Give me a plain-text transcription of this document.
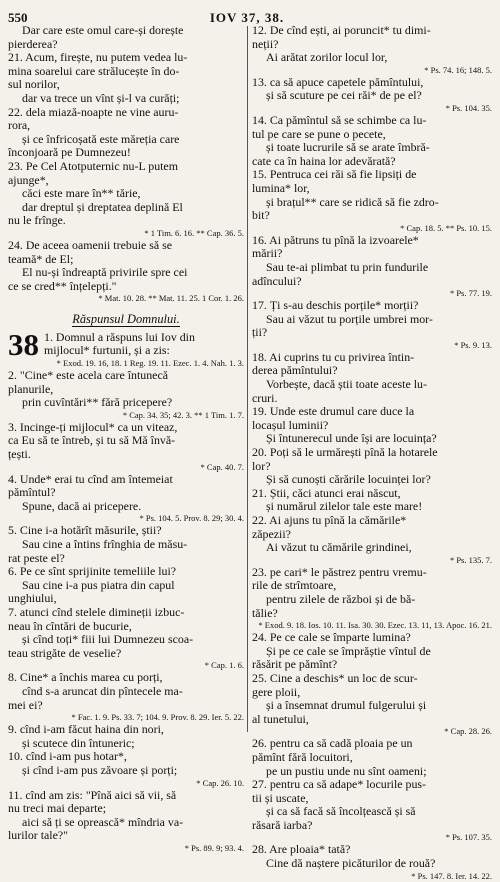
550	IOV 37, 38.
Dar care este omul care-și dorește
pierderea?
21. Acum, firește, nu putem vedea lu-
mina soarelui care strălucește în do-
sul norilor,
dar va trece un vînt și-l va curăți;
22. dela miază-noapte ne vine auru-
rora,
și ce înfricoșată este măreția care
înconjoară pe Dumnezeu!
23. Pe Cel Atotputernic nu-L putem
ajunge*,
căci este mare în** tărie,
dar dreptul și dreptatea deplină El
nu le frînge.
* 1 Tim. 6. 16. ** Cap. 36. 5.
24. De aceea oamenii trebuie să se
teamă* de El;
El nu-și îndreaptă privirile spre cei
ce se cred** înțelepți."
* Mat. 10. 28. ** Mat. 11. 25. 1 Cor. 1. 26.
Răspunsul Domnului.
38 1. Domnul a răspuns lui Iov din
mijlocul* furtunii, și a zis:
* Exod. 19. 16, 18. 1 Reg. 19. 11. Ezec. 1. 4. Nah. 1. 3.
2. "Cine* este acela care întunecă
planurile,
prin cuvîntări** fără pricepere?
* Cap. 34. 35; 42. 3. ** 1 Tim. 1. 7.
3. Incinge-ți mijlocul* ca un viteaz,
ca Eu să te întreb, și tu să Mă învă-
țești.
* Cap. 40. 7.
4. Unde* erai tu cînd am întemeiat
pămîntul?
Spune, dacă ai pricepere.
* Ps. 104. 5. Prov. 8. 29; 30. 4.
5. Cine i-a hotărît măsurile, știi?
Sau cine a întins frînghia de măsu-
rat peste el?
6. Pe ce sînt sprijinite temeliile lui?
Sau cine i-a pus piatra din capul
unghiului,
7. atunci cînd stelele dimineții izbuc-
neau în cîntări de bucurie,
și cînd toți* fiii lui Dumnezeu scoa-
teau strigăte de veselie?
* Cap. 1. 6.
8. Cine* a închis marea cu porți,
cînd s-a aruncat din pîntecele ma-
mei ei?
* Fac. 1. 9. Ps. 33. 7; 104. 9. Prov. 8. 29. Ier. 5. 22.
9. cînd i-am făcut haina din nori,
și scutece din întuneric;
10. cînd i-am pus hotar*,
și cînd i-am pus zăvoare și porți;
* Cap. 26. 10.
11. cînd am zis: "Pînă aici să vii, să
nu treci mai departe;
aici să ți se oprească* mîndria va-
lurilor tale?"
* Ps. 89. 9; 93. 4.
12. De cînd ești, ai poruncit* tu dimi-
neții?
Ai arătat zorilor locul lor,
* Ps. 74. 16; 148. 5.
13. ca să apuce capetele pămîntului,
și să scuture pe cei răi* de pe el?
* Ps. 104. 35.
14. Ca pămîntul să se schimbe ca lu-
tul pe care se pune o pecete,
și toate lucrurile să se arate îmbră-
cate ca în haina lor adevărată?
15. Pentruca cei răi să fie lipsiți de
lumina* lor,
și brațul** care se ridică să fie zdro-
bit?
* Cap. 18. 5. ** Ps. 10. 15.
16. Ai pătruns tu pînă la izvoarele*
mării?
Sau te-ai plimbat tu prin fundurile
adîncului?
* Ps. 77. 19.
17. Ți s-au deschis porțile* morții?
Sau ai văzut tu porțile umbrei mor-
ții?
* Ps. 9. 13.
18. Ai cuprins tu cu privirea întin-
derea pămîntului?
Vorbește, dacă știi toate aceste lu-
cruri.
19. Unde este drumul care duce la
locașul luminii?
Și întunerecul unde își are locuința?
20. Poți să le urmărești pînă la hotarele
lor?
Și să cunoști cărările locuinței lor?
21. Știi, căci atunci erai născut,
și numărul zilelor tale este mare!
22. Ai ajuns tu pînă la cămările*
zăpezii?
Ai văzut tu cămările grindinei,
* Ps. 135. 7.
23. pe cari* le păstrez pentru vremu-
rile de strîmtoare,
pentru zilele de război și de bă-
tălie?
* Exod. 9. 18. Ios. 10. 11. Isa. 30. 30. Ezec. 13. 11, 13. Apoc. 16. 21.
24. Pe ce cale se împarte lumina?
Și pe ce cale se împrăștie vîntul de
răsărit pe pămînt?
25. Cine a deschis* un loc de scur-
gere ploii,
și a însemnat drumul fulgerului și
al tunetului,
* Cap. 28. 26.
26. pentru ca să cadă ploaia pe un
pămînt fără locuitori,
pe un pustiu unde nu sînt oameni;
27. pentru ca să adape* locurile pus-
tii și uscate,
și ca să facă să încolțească și să
răsară iarba?
* Ps. 107. 35.
28. Are ploaia* tată?
Cine dă naștere picăturilor de rouă?
* Ps. 147. 8. Ier. 14. 22.
